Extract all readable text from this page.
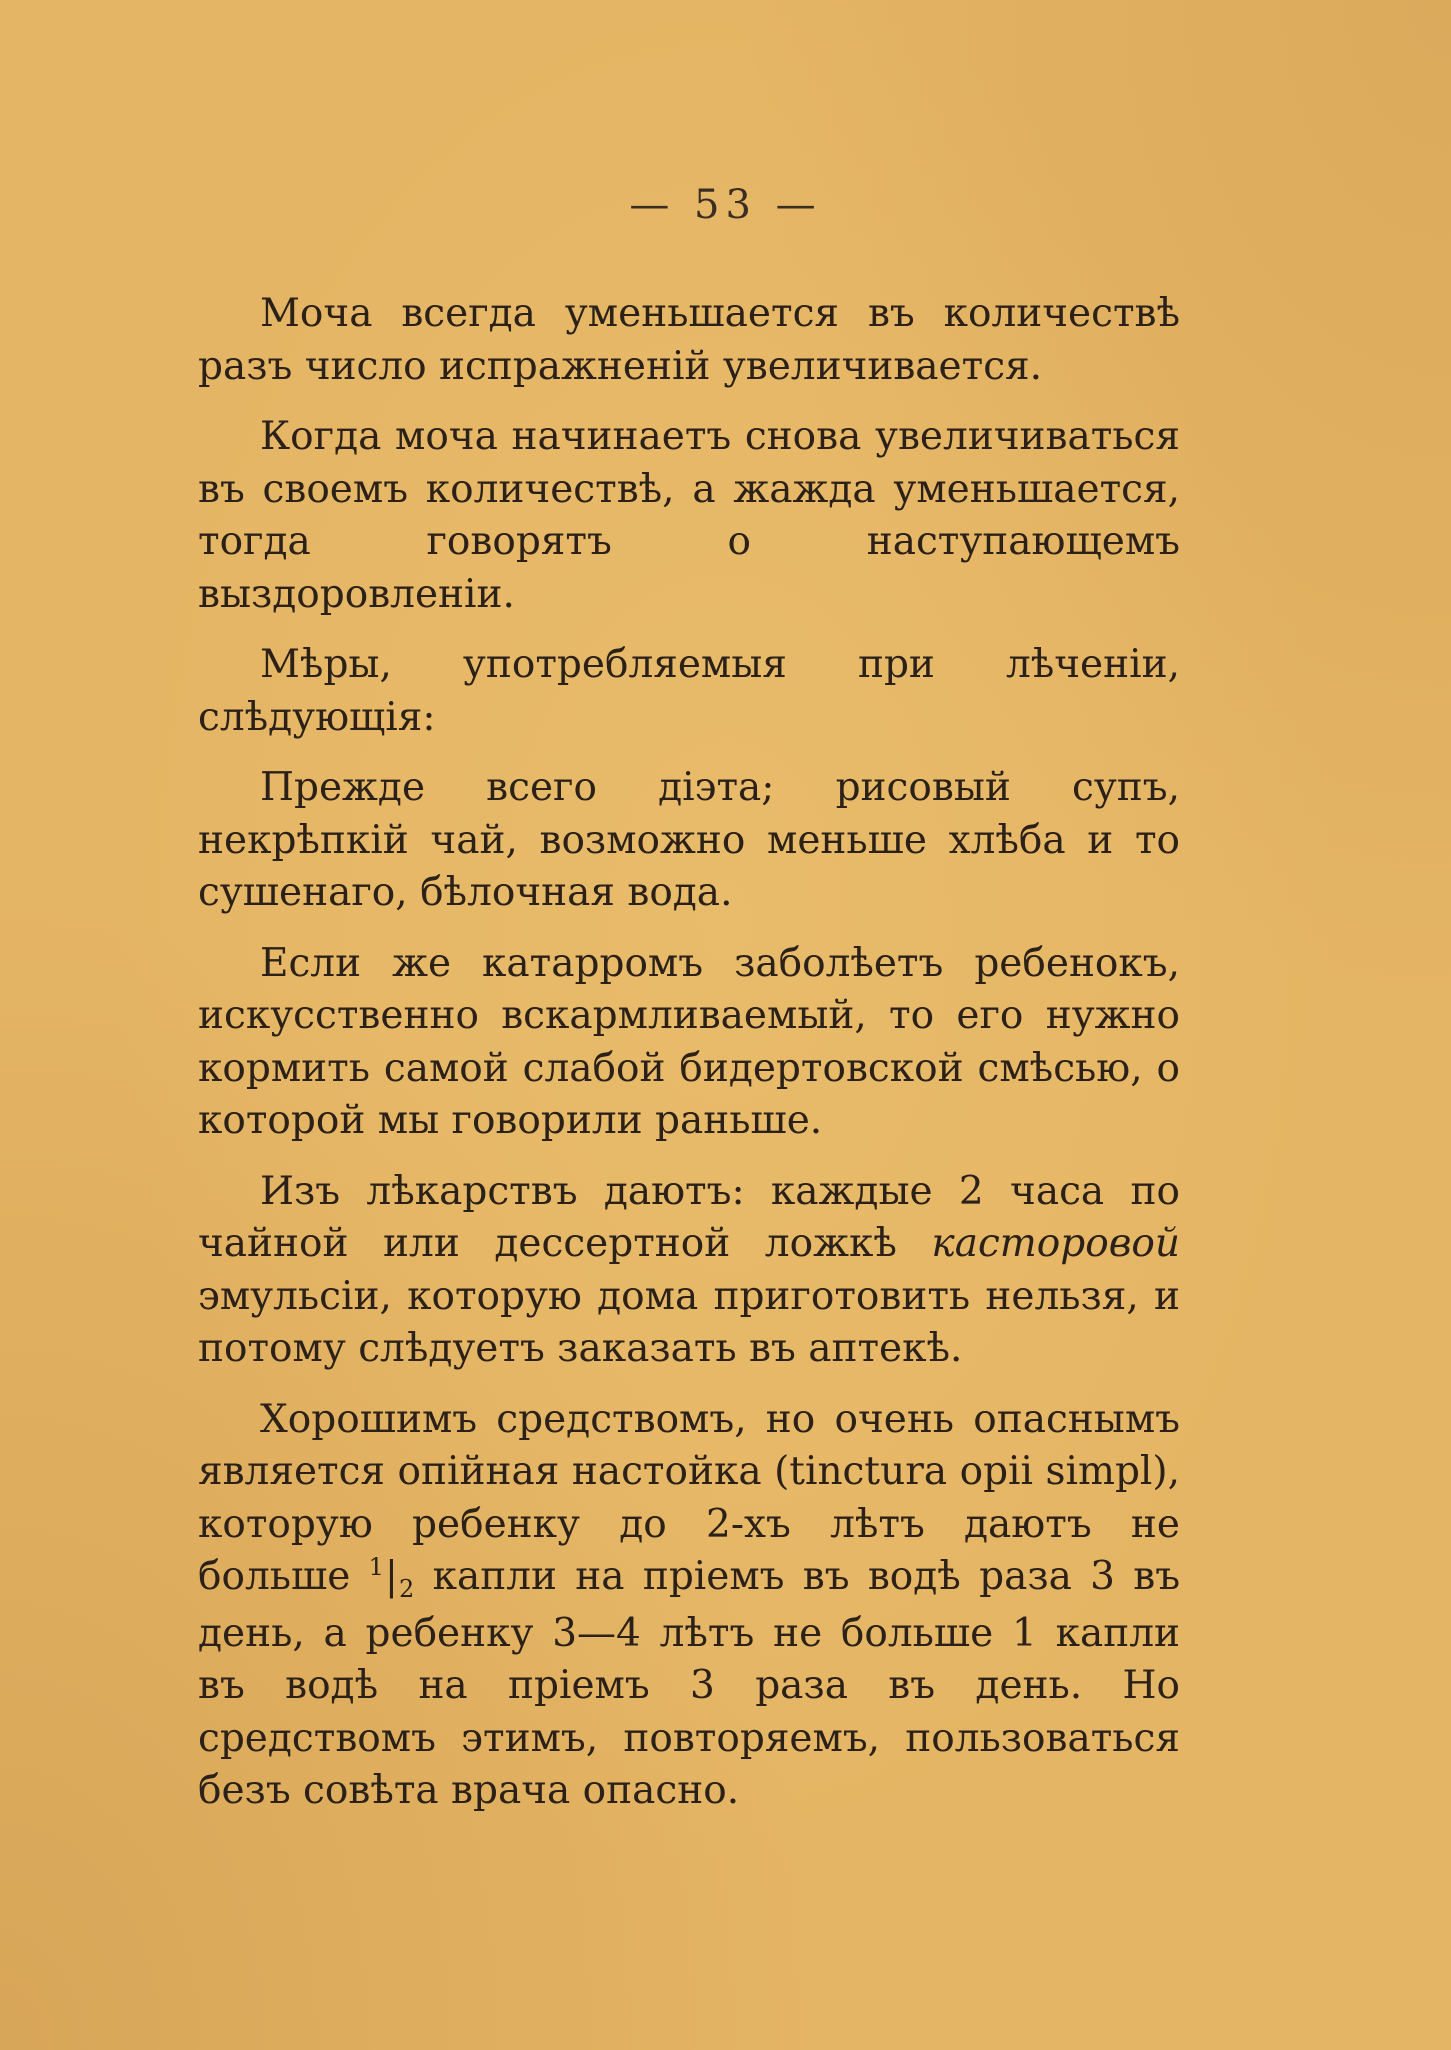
— 53 —

Моча всегда уменьшается въ количествѣ разъ число испражненій увеличивается.

Когда моча начинаетъ снова увеличиваться въ своемъ количествѣ, а жажда уменьшается, тогда говорятъ о наступающемъ выздоровленіи.

Мѣры, употребляемыя при лѣченіи, слѣдующія:

Прежде всего діэта; рисовый супъ, некрѣпкій чай, возможно меньше хлѣба и то сушенаго, бѣлочная вода.

Если же катарромъ заболѣетъ ребенокъ, искусственно вскармливаемый, то его нужно кормить самой слабой бидертовской смѣсью, о которой мы говорили раньше.

Изъ лѣкарствъ даютъ: каждые 2 часа по чайной или дессертной ложкѣ касторовой эмульсіи, которую дома приготовить нельзя, и потому слѣдуетъ заказать въ аптекѣ.

Хорошимъ средствомъ, но очень опаснымъ является опійная настойка (tinctura opii simpl), которую ребенку до 2-хъ лѣтъ даютъ не больше $^1|_2$ капли на пріемъ въ водѣ раза 3 въ день, а ребенку 3—4 лѣтъ не больше 1 капли въ водѣ на пріемъ 3 раза въ день. Но средствомъ этимъ, повторяемъ, пользоваться безъ совѣта врача опасно.
